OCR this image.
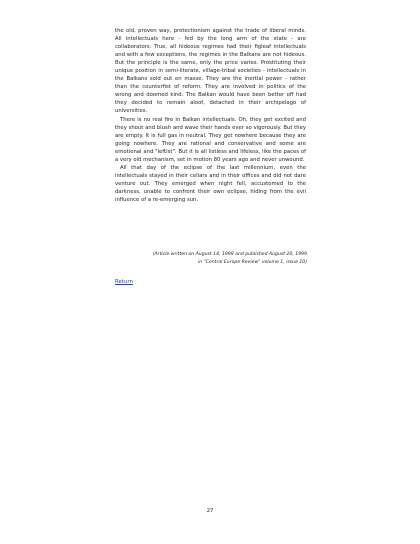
the old, proven way, protectionism against the trade of liberal minds. All intellectuals here - fed by the long arm of the state - are collaborators. True, all hideous regimes had their figleaf intellectuals and with a few exceptions, the regimes in the Balkans are not hideous. But the principle is the same, only the price varies. Prostituting their unique position in semi-literate, village-tribal societies - intellectuals in the Balkans sold out en masse. They are the inertial power - rather than the counterfist of reform. They are involved in politics of the wrong and doomed kind. The Balkan would have been better off had they decided to remain aloof, detached in their archipelago of universities.

There is no real fire in Balkan intellectuals. Oh, they get excited and they shout and blush and wave their hands ever so vigorously. But they are empty. It is full gas in neutral. They get nowhere because they are going nowhere. They are rational and conservative and some are emotional and "leftist". But it is all listless and lifeless, like the paces of a very old mechanism, set in motion 80 years ago and never unwound.

All that day of the eclipse of the last millennium, even the intellectuals stayed in their cellars and in their offices and did not dare venture out. They emerged when night fell, accustomed to the darkness, unable to confront their own eclipse, hiding from the evil influence of a re-emerging sun.

(Article written on August 14, 1999 and published August 20, 1999
in "Central Europe Review" volume 1, issue 10)
Return
27
